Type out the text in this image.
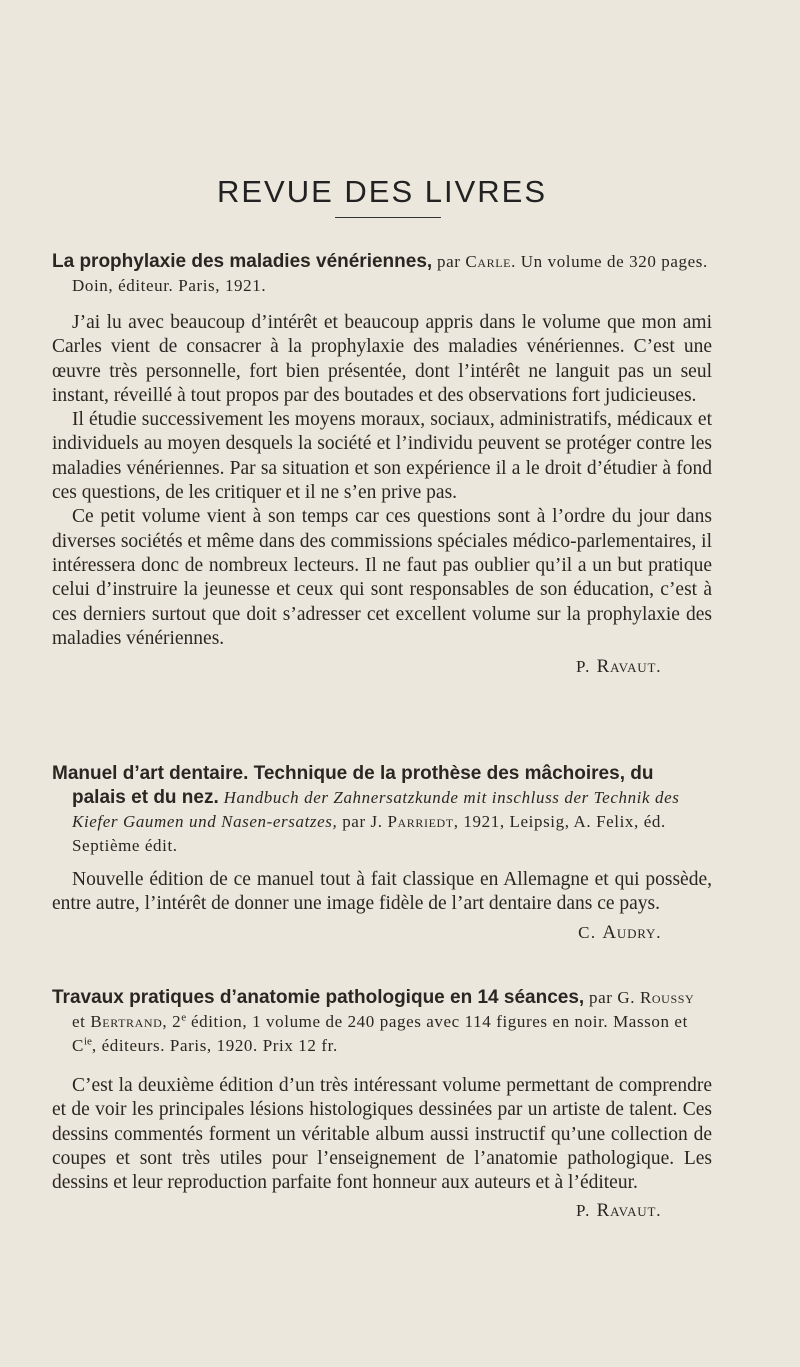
REVUE DES LIVRES

La prophylaxie des maladies vénériennes, par Carle. Un volume de 320 pages. Doin, éditeur. Paris, 1921.

J’ai lu avec beaucoup d’intérêt et beaucoup appris dans le volume que mon ami Carles vient de consacrer à la prophylaxie des maladies vénériennes. C’est une œuvre très personnelle, fort bien présentée, dont l’intérêt ne languit pas un seul instant, réveillé à tout propos par des boutades et des observations fort judicieuses.

Il étudie successivement les moyens moraux, sociaux, administratifs, médicaux et individuels au moyen desquels la société et l’individu peuvent se protéger contre les maladies vénériennes. Par sa situation et son expérience il a le droit d’étudier à fond ces questions, de les critiquer et il ne s’en prive pas.

Ce petit volume vient à son temps car ces questions sont à l’ordre du jour dans diverses sociétés et même dans des commissions spéciales médico-parlementaires, il intéressera donc de nombreux lecteurs. Il ne faut pas oublier qu’il a un but pratique celui d’instruire la jeunesse et ceux qui sont responsables de son éducation, c’est à ces derniers surtout que doit s’adresser cet excellent volume sur la prophylaxie des maladies vénériennes.

P. Ravaut.

Manuel d’art dentaire. Technique de la prothèse des mâchoires, du palais et du nez. Handbuch der Zahnersatzkunde mit inschluss der Technik des Kiefer Gaumen und Nasen-ersatzes, par J. Parriedt, 1921, Leipsig, A. Felix, éd. Septième édit.

Nouvelle édition de ce manuel tout à fait classique en Allemagne et qui possède, entre autre, l’intérêt de donner une image fidèle de l’art dentaire dans ce pays.

C. Audry.

Travaux pratiques d’anatomie pathologique en 14 séances, par G. Roussy et Bertrand, 2e édition, 1 volume de 240 pages avec 114 figures en noir. Masson et $C^{ie}$, éditeurs. Paris, 1920. Prix 12 fr.

C’est la deuxième édition d’un très intéressant volume permettant de comprendre et de voir les principales lésions histologiques dessinées par un artiste de talent. Ces dessins commentés forment un véritable album aussi instructif qu’une collection de coupes et sont très utiles pour l’enseignement de l’anatomie pathologique. Les dessins et leur reproduction parfaite font honneur aux auteurs et à l’éditeur.

P. Ravaut.
